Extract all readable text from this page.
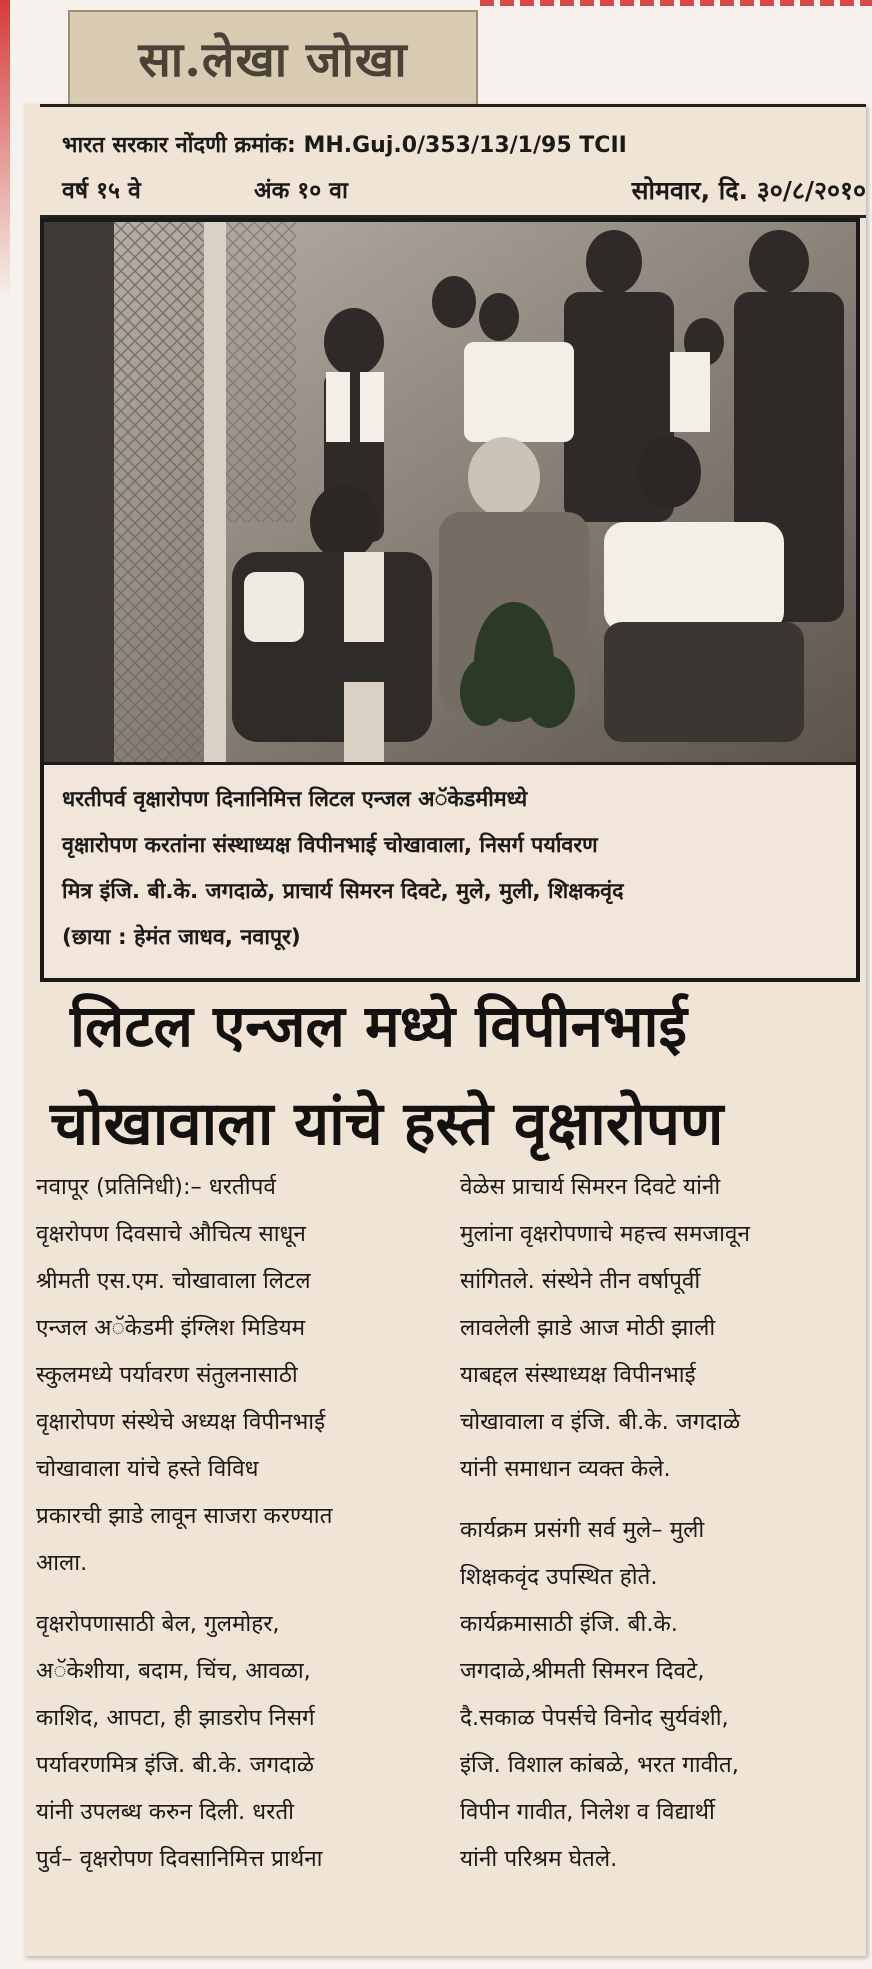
सा.लेखा जोखा
भारत सरकार नोंदणी क्रमांक: MH.Guj.0/353/13/1/95 TCII
वर्ष १५ वे	अंक १० वा	सोमवार, दि. ३०/८/२०१०

धरतीपर्व वृक्षारोपण दिनानिमित्त लिटल एन्जल अॅकेडमीमध्ये

वृक्षारोपण करतांना संस्थाध्यक्ष विपीनभाई चोखावाला, निसर्ग पर्यावरण

मित्र इंजि. बी.के. जगदाळे, प्राचार्य सिमरन दिवटे, मुले, मुली, शिक्षकवृंद

(छाया : हेमंत जाधव, नवापूर)

लिटल एन्जल मध्ये विपीनभाई
चोखावाला यांचे हस्ते वृक्षारोपण

नवापूर (प्रतिनिधी):– धरतीपर्व

वृक्षरोपण दिवसाचे औचित्य साधून

श्रीमती एस.एम. चोखावाला लिटल

एन्जल अॅकेडमी इंग्लिश मिडियम

स्कुलमध्ये पर्यावरण संतुलनासाठी

वृक्षारोपण संस्थेचे अध्यक्ष विपीनभाई

चोखावाला यांचे हस्ते विविध

प्रकारची झाडे लावून साजरा करण्यात

आला.

वृक्षरोपणासाठी बेल, गुलमोहर,

अॅकेशीया, बदाम, चिंच, आवळा,

काशिद, आपटा, ही झाडरोप निसर्ग

पर्यावरणमित्र इंजि. बी.के. जगदाळे

यांनी उपलब्ध करुन दिली. धरती

पुर्व– वृक्षरोपण दिवसानिमित्त प्रार्थना

वेळेस प्राचार्य सिमरन दिवटे यांनी

मुलांना वृक्षरोपणाचे महत्त्व समजावून

सांगितले. संस्थेने तीन वर्षापूर्वी

लावलेली झाडे आज मोठी झाली

याबद्दल संस्थाध्यक्ष विपीनभाई

चोखावाला व इंजि. बी.के. जगदाळे

यांनी समाधान व्यक्त केले.

कार्यक्रम प्रसंगी सर्व मुले– मुली

शिक्षकवृंद उपस्थित होते.

कार्यक्रमासाठी इंजि. बी.के.

जगदाळे,श्रीमती सिमरन दिवटे,

दै.सकाळ पेपर्सचे विनोद सुर्यवंशी,

इंजि. विशाल कांबळे, भरत गावीत,

विपीन गावीत, निलेश व विद्यार्थी

यांनी परिश्रम घेतले.
